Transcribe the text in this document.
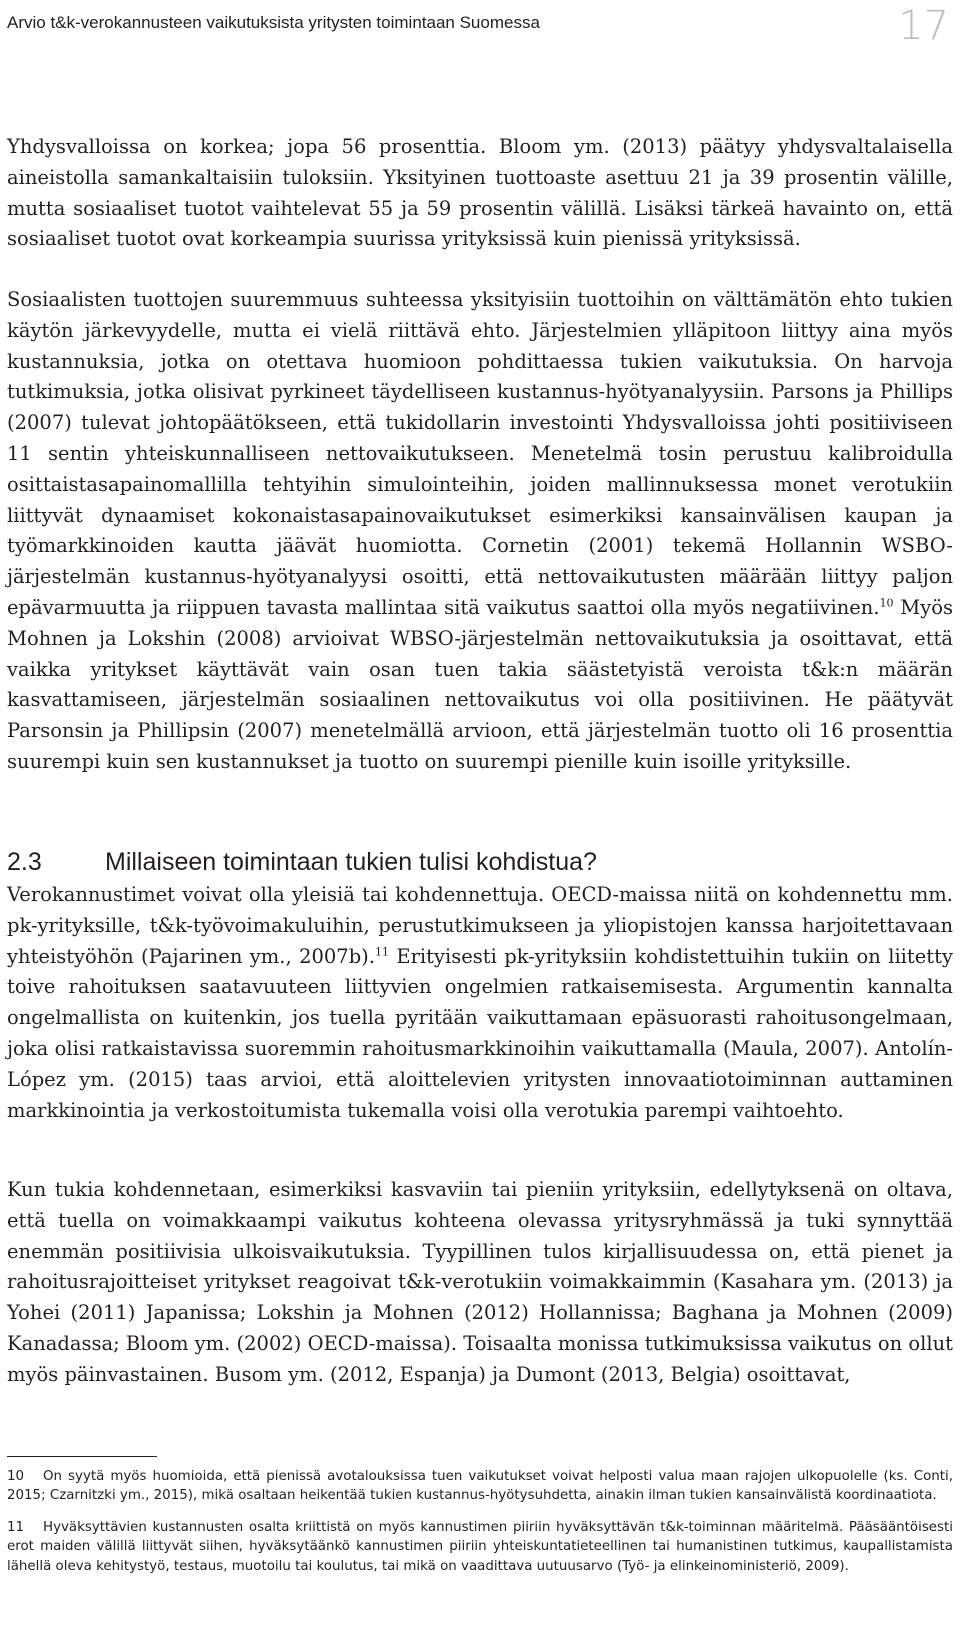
Arvio t&k-verokannusteen vaikutuksista yritysten toimintaan Suomessa	17

Yhdysvalloissa on korkea; jopa 56 prosenttia. Bloom ym. (2013) päätyy yhdysvaltalaisella aineistolla samankaltaisiin tuloksiin. Yksityinen tuottoaste asettuu 21 ja 39 prosentin välille, mutta sosiaaliset tuotot vaihtelevat 55 ja 59 prosentin välillä. Lisäksi tärkeä havainto on, että sosiaaliset tuotot ovat korkeampia suurissa yrityksissä kuin pienissä yrityksissä.

Sosiaalisten tuottojen suuremmuus suhteessa yksityisiin tuottoihin on välttämätön ehto tukien käytön järkevyydelle, mutta ei vielä riittävä ehto. Järjestelmien ylläpitoon liittyy aina myös kustannuksia, jotka on otettava huomioon pohdittaessa tukien vaikutuksia. On harvoja tutkimuksia, jotka olisivat pyrkineet täydelliseen kustannus-hyötyanalyysiin. Parsons ja Phillips (2007) tulevat johtopäätökseen, että tukidollarin investointi Yhdysvalloissa johti positiiviseen 11 sentin yhteiskunnalliseen nettovaikutukseen. Menetelmä tosin perustuu kalibroidulla osittaistasapainomallilla tehtyihin simulointeihin, joiden mallinnuksessa monet verotukiin liittyvät dynaamiset kokonaistasapainovaikutukset esimerkiksi kansainvälisen kaupan ja työmarkkinoiden kautta jäävät huomiotta. Cornetin (2001) tekemä Hollannin WSBO-järjestelmän kustannus-hyötyanalyysi osoitti, että nettovaikutusten määrään liittyy paljon epävarmuutta ja riippuen tavasta mallintaa sitä vaikutus saattoi olla myös negatiivinen.$^{10}$ Myös Mohnen ja Lokshin (2008) arvioivat WBSO-järjestelmän nettovaikutuksia ja osoittavat, että vaikka yritykset käyttävät vain osan tuen takia säästetyistä veroista t&k:n määrän kasvattamiseen, järjestelmän sosiaalinen nettovaikutus voi olla positiivinen. He päätyvät Parsonsin ja Phillipsin (2007) menetelmällä arvioon, että järjestelmän tuotto oli 16 prosenttia suurempi kuin sen kustannukset ja tuotto on suurempi pienille kuin isoille yrityksille.

2.3	Millaiseen toimintaan tukien tulisi kohdistua?

Verokannustimet voivat olla yleisiä tai kohdennettuja. OECD-maissa niitä on kohdennettu mm. pk-yrityksille, t&k-työvoimakuluihin, perustutkimukseen ja yliopistojen kanssa harjoitettavaan yhteistyöhön (Pajarinen ym., 2007b).$^{11}$ Erityisesti pk-yrityksiin kohdistettuihin tukiin on liitetty toive rahoituksen saatavuuteen liittyvien ongelmien ratkaisemisesta. Argumentin kannalta ongelmallista on kuitenkin, jos tuella pyritään vaikuttamaan epäsuorasti rahoitusongelmaan, joka olisi ratkaistavissa suoremmin rahoitusmarkkinoihin vaikuttamalla (Maula, 2007). Antolín-López ym. (2015) taas arvioi, että aloittelevien yritysten innovaatiotoiminnan auttaminen markkinointia ja verkostoitumista tukemalla voisi olla verotukia parempi vaihtoehto.

Kun tukia kohdennetaan, esimerkiksi kasvaviin tai pieniin yrityksiin, edellytyksenä on oltava, että tuella on voimakkaampi vaikutus kohteena olevassa yritysryhmässä ja tuki synnyttää enemmän positiivisia ulkoisvaikutuksia. Tyypillinen tulos kirjallisuudessa on, että pienet ja rahoitusrajoitteiset yritykset reagoivat t&k-verotukiin voimakkaimmin (Kasahara ym. (2013) ja Yohei (2011) Japanissa; Lokshin ja Mohnen (2012) Hollannissa; Baghana ja Mohnen (2009) Kanadassa; Bloom ym. (2002) OECD-maissa). Toisaalta monissa tutkimuksissa vaikutus on ollut myös päinvastainen. Busom ym. (2012, Espanja) ja Dumont (2013, Belgia) osoittavat,

10 On syytä myös huomioida, että pienissä avotalouksissa tuen vaikutukset voivat helposti valua maan rajojen ulkopuolelle (ks. Conti, 2015; Czarnitzki ym., 2015), mikä osaltaan heikentää tukien kustannus-hyötysuhdetta, ainakin ilman tukien kansainvälistä koordinaatiota.

11 Hyväksyttävien kustannusten osalta kriittistä on myös kannustimen piiriin hyväksyttävän t&k-toiminnan määritelmä. Pääsääntöisesti erot maiden välillä liittyvät siihen, hyväksytäänkö kannustimen piiriin yhteiskuntatieteellinen tai humanistinen tutkimus, kaupallistamista lähellä oleva kehitystyö, testaus, muotoilu tai koulutus, tai mikä on vaadittava uutuusarvo (Työ- ja elinkeinoministeriö, 2009).
